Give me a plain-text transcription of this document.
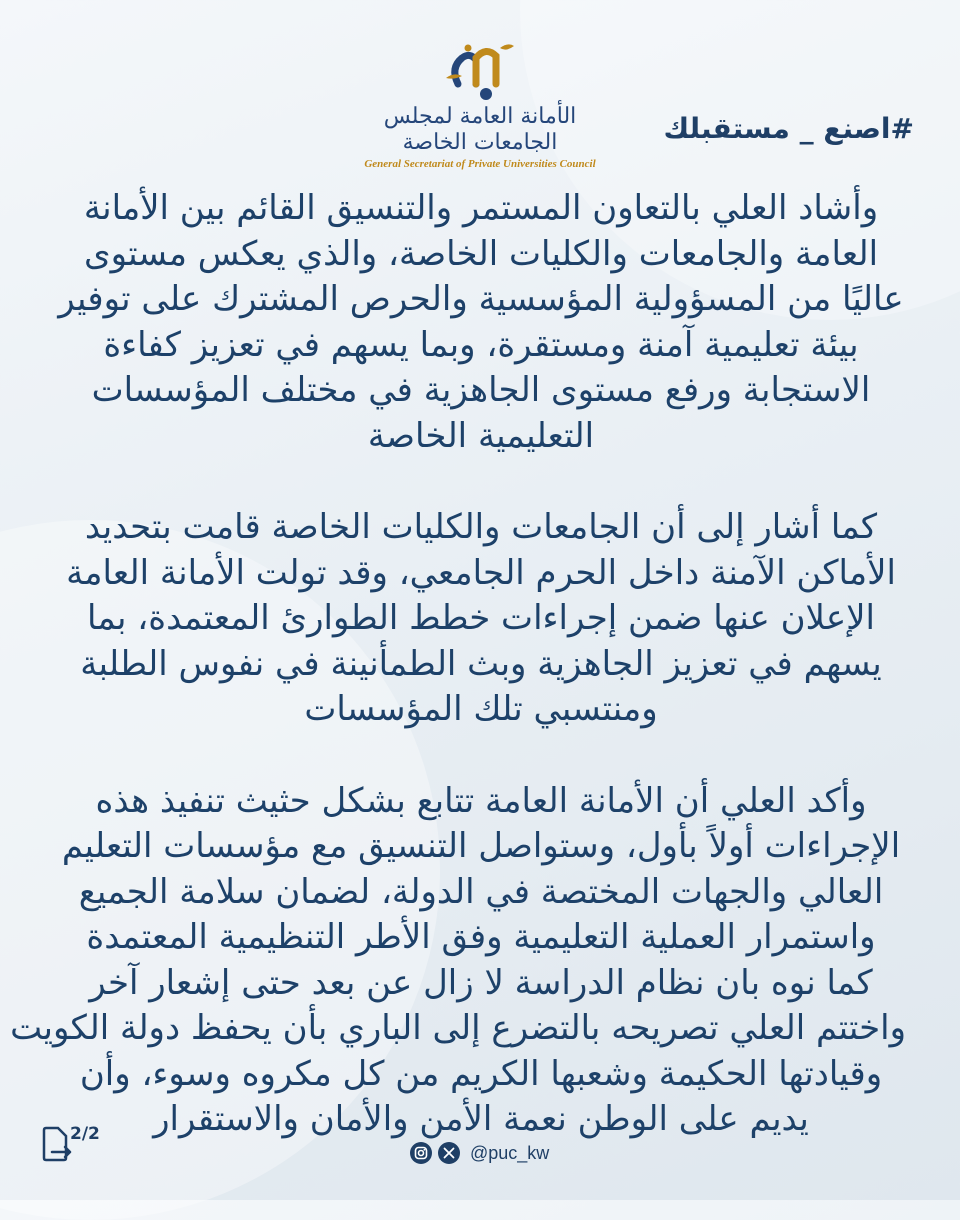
الأمانة العامة لمجلس الجامعات الخاصة
General Secretariat of Private Universities Council
#اصنع _ مستقبلك
وأشاد العلي بالتعاون المستمر والتنسيق القائم بين الأمانة
العامة والجامعات والكليات الخاصة، والذي يعكس مستوى
عاليًا من المسؤولية المؤسسية والحرص المشترك على توفير
بيئة تعليمية آمنة ومستقرة، وبما يسهم في تعزيز كفاءة
الاستجابة ورفع مستوى الجاهزية في مختلف المؤسسات
التعليمية الخاصة
كما أشار إلى أن الجامعات والكليات الخاصة قامت بتحديد
الأماكن الآمنة داخل الحرم الجامعي، وقد تولت الأمانة العامة
الإعلان عنها ضمن إجراءات خطط الطوارئ المعتمدة، بما
يسهم في تعزيز الجاهزية وبث الطمأنينة في نفوس الطلبة
ومنتسبي تلك المؤسسات
وأكد العلي أن الأمانة العامة تتابع بشكل حثيث تنفيذ هذه
الإجراءات أولاً بأول، وستواصل التنسيق مع مؤسسات التعليم
العالي والجهات المختصة في الدولة، لضمان سلامة الجميع
واستمرار العملية التعليمية وفق الأطر التنظيمية المعتمدة
كما نوه بان نظام الدراسة لا زال عن بعد حتى إشعار آخر
واختتم العلي تصريحه بالتضرع إلى الباري بأن يحفظ دولة الكويت
وقيادتها الحكيمة وشعبها الكريم من كل مكروه وسوء، وأن
يديم على الوطن نعمة الأمن والأمان والاستقرار
2/2
@puc_kw
